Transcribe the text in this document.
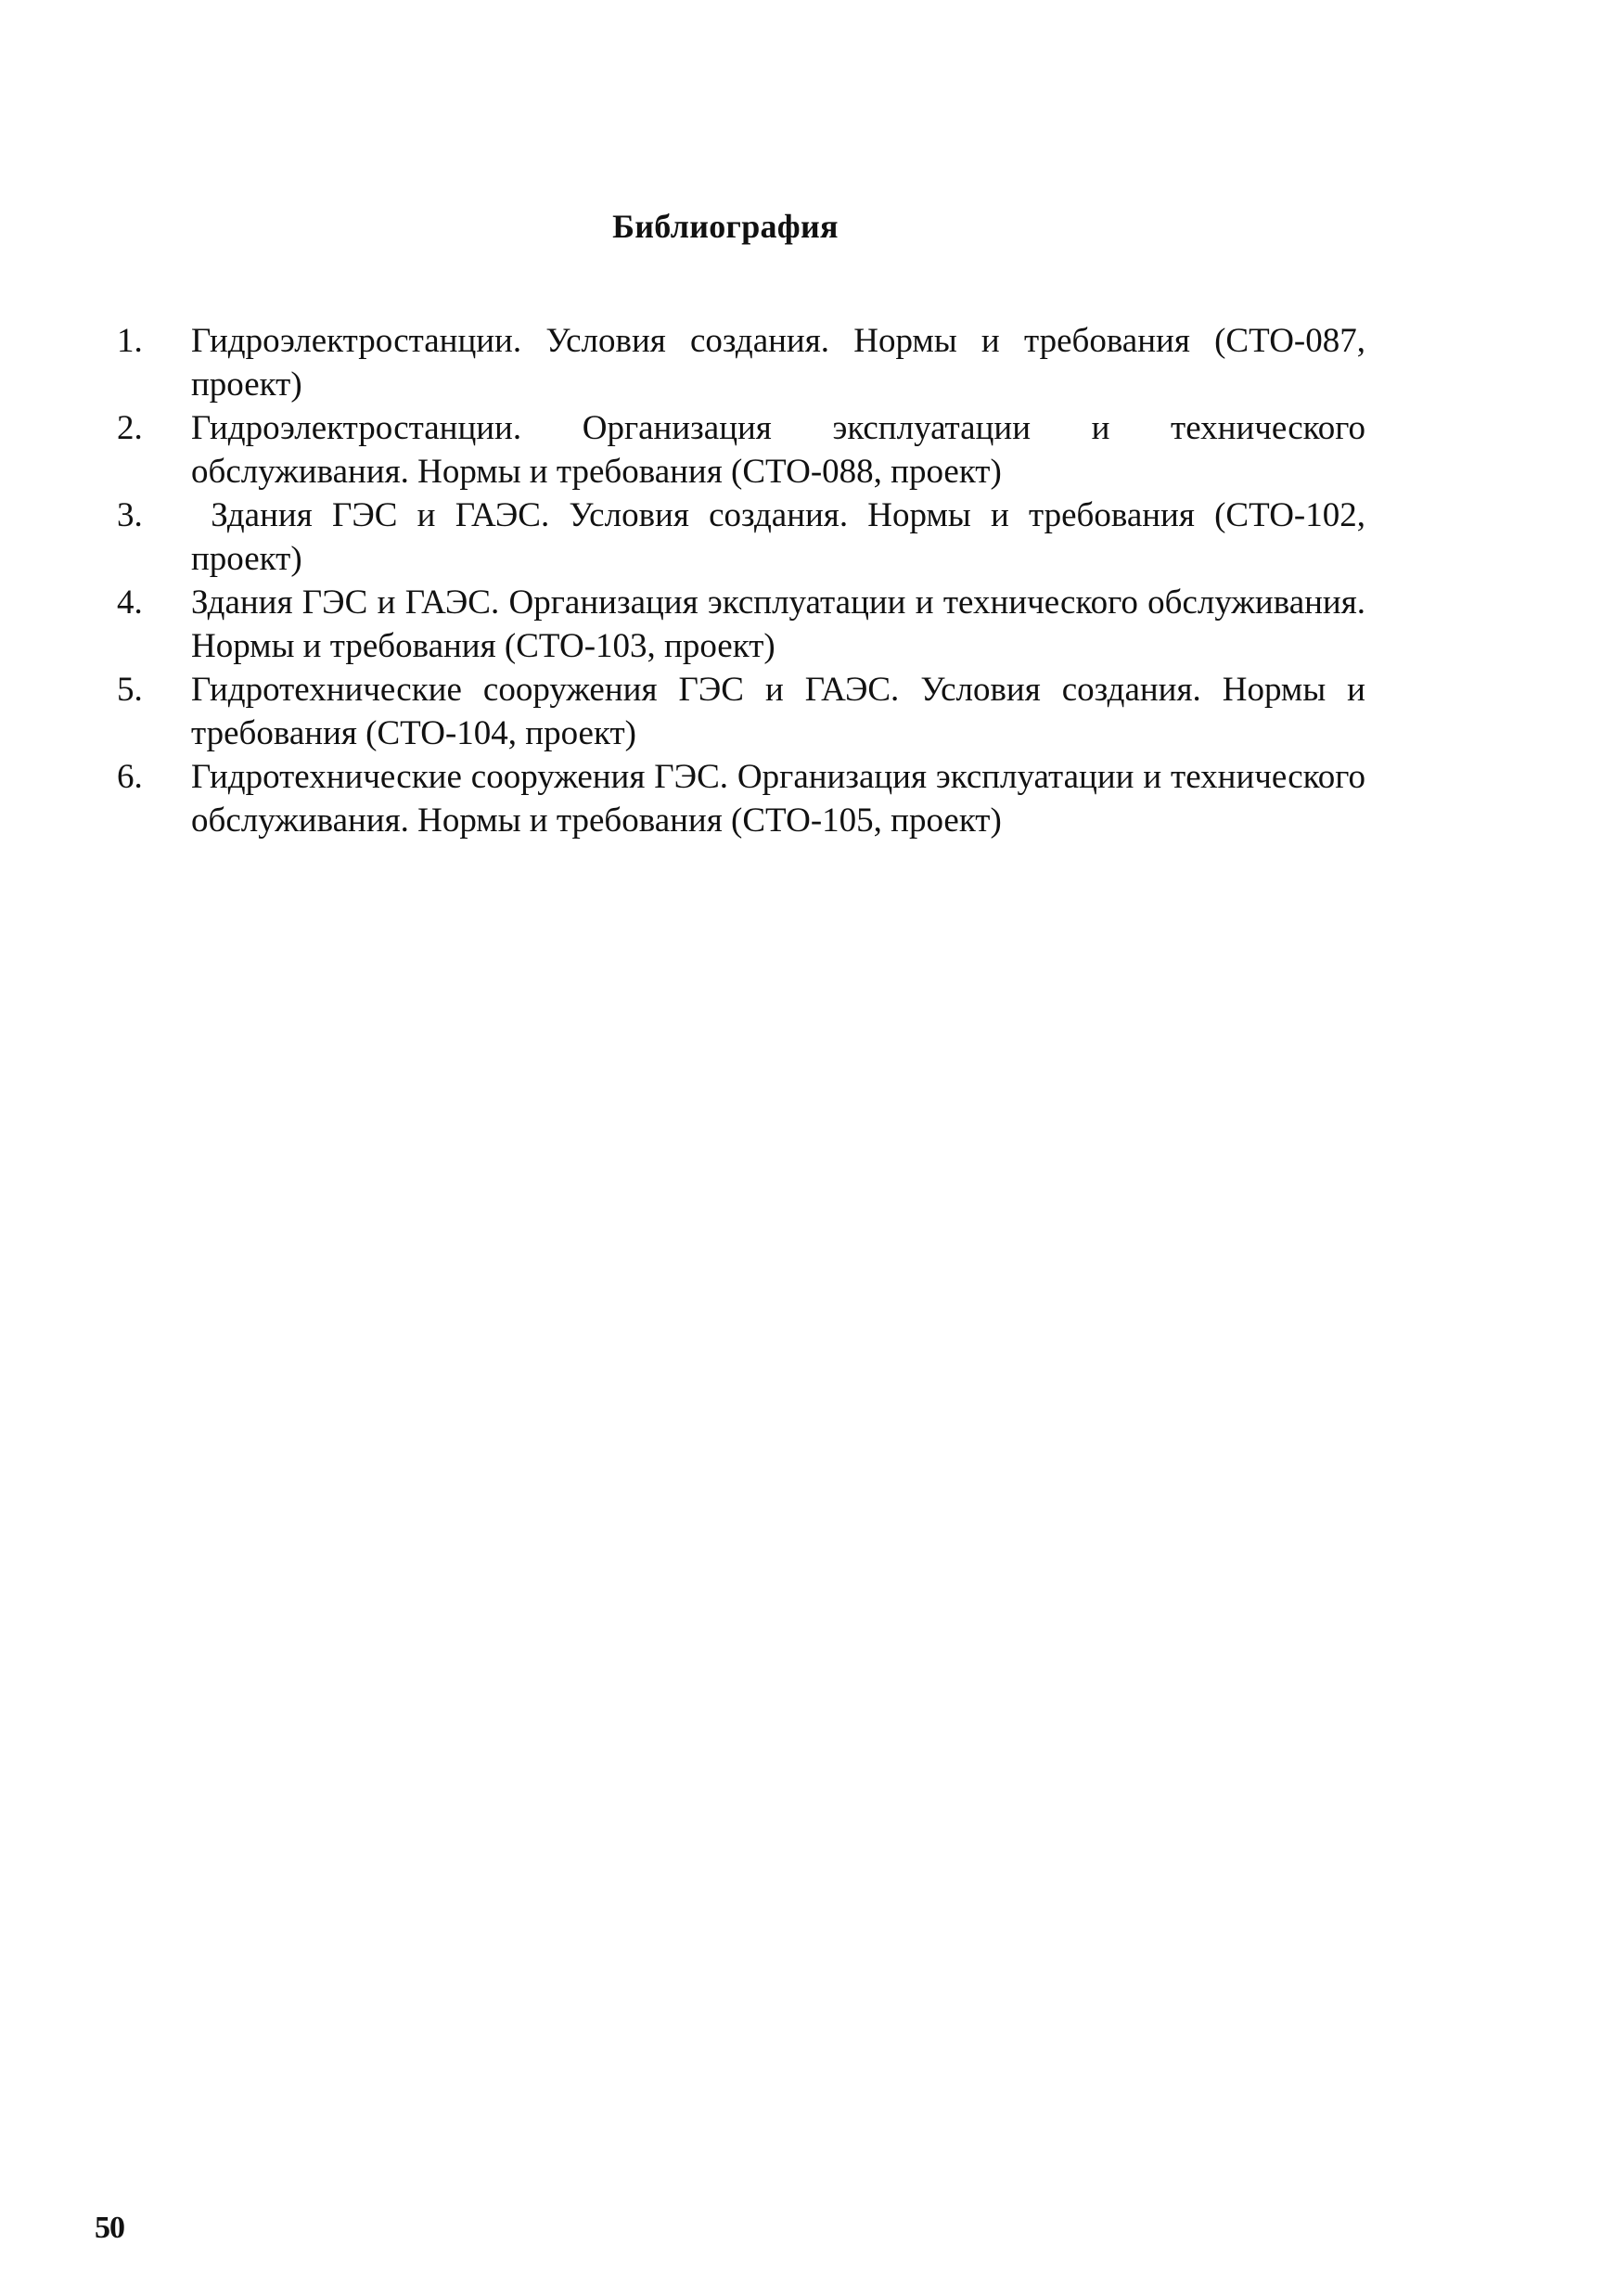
Библиография
1.	Гидроэлектростанции. Условия создания. Нормы и требования (СТО-087, проект)
2.	Гидроэлектростанции. Организация эксплуатации и технического обслуживания. Нормы и требования (СТО-088, проект)
3.	Здания ГЭС и ГАЭС. Условия создания. Нормы и требования (СТО-102, проект)
4.	Здания ГЭС и ГАЭС. Организация эксплуатации и технического обслуживания. Нормы и требования (СТО-103, проект)
5.	Гидротехнические сооружения ГЭС и ГАЭС. Условия создания. Нормы и требования (СТО-104, проект)
6.	Гидротехнические сооружения ГЭС. Организация эксплуатации и технического обслуживания. Нормы и требования (СТО-105, проект)
50
